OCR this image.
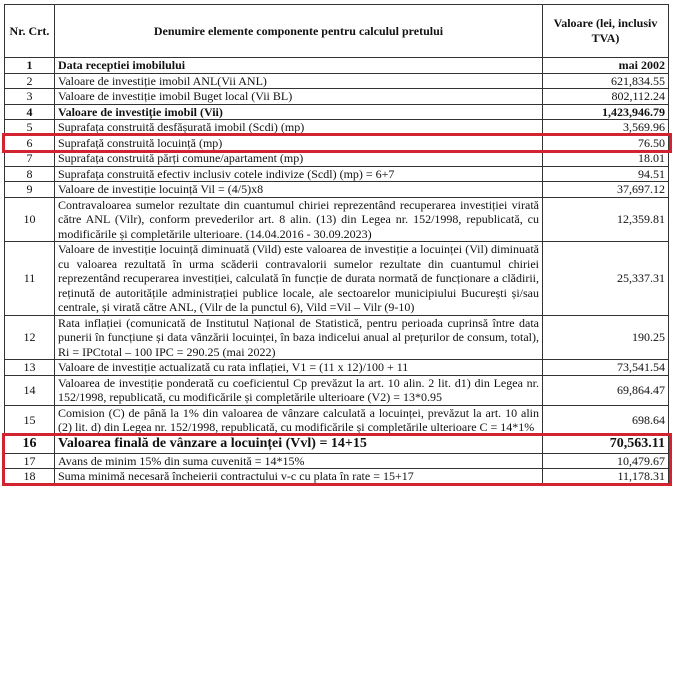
Nr. Crt.	Denumire elemente componente pentru calculul pretului	Valoare (lei, inclusiv TVA)
1	Data receptiei imobilului	mai 2002
2	Valoare de investiție imobil ANL(Vii ANL)	621,834.55
3	Valoare de investiție imobil Buget local (Vii BL)	802,112.24
4	Valoare de investiție imobil (Vii)	1,423,946.79
5	Suprafața construită desfășurată imobil (Scdi) (mp)	3,569.96
6	Suprafață construită locuință (mp)	76.50
7	Suprafața construită părți comune/apartament (mp)	18.01
8	Suprafața construită efectiv inclusiv cotele indivize (Scdl) (mp) = 6+7	94.51
9	Valoare de investiție locuință Vil = (4/5)x8	37,697.12
10	Contravaloarea sumelor rezultate din cuantumul chiriei reprezentând recuperarea investiției virată către ANL (Vilr), conform prevederilor art. 8 alin. (13) din Legea nr. 152/1998, republicată, cu modificările și completările ulterioare. (14.04.2016 - 30.09.2023)	12,359.81
11	Valoare de investiție locuință diminuată (Vild) este valoarea de investiție a locuinței (Vil) diminuată cu valoarea rezultată în urma scăderii contravalorii sumelor rezultate din cuantumul chiriei reprezentând recuperarea investiției, calculată în funcție de durata normată de funcționare a clădirii, reținută de autoritățile administrației publice locale, ale sectoarelor municipiului București și/sau centrale, și virată către ANL, (Vilr de la punctul 6), Vild =Vil – Vilr (9-10)	25,337.31
12	Rata inflației (comunicată de Institutul Național de Statistică, pentru perioada cuprinsă între data punerii în funcțiune și data vânzării locuinței, în baza indicelui anual al prețurilor de consum, total), Ri = IPCtotal – 100 IPC = 290.25 (mai 2022)	190.25
13	Valoare de investiție actualizată cu rata inflației, V1 = (11 x 12)/100 + 11	73,541.54
14	Valoarea de investiție ponderată cu coeficientul Cp prevăzut la art. 10 alin. 2 lit. d1) din Legea nr. 152/1998, republicată, cu modificările și completările ulterioare (V2) = 13*0.95	69,864.47
15	Comision (C) de până la 1% din valoarea de vânzare calculată a locuinței, prevăzut la art. 10 alin (2) lit. d) din Legea nr. 152/1998, republicată, cu modificările și completările ulterioare C = 14*1%	698.64
16	Valoarea finală de vânzare a locuinței (Vvl) = 14+15	70,563.11
17	Avans de minim 15% din suma cuvenită = 14*15%	10,479.67
18	Suma minimă necesară încheierii contractului v-c cu plata în rate = 15+17	11,178.31
